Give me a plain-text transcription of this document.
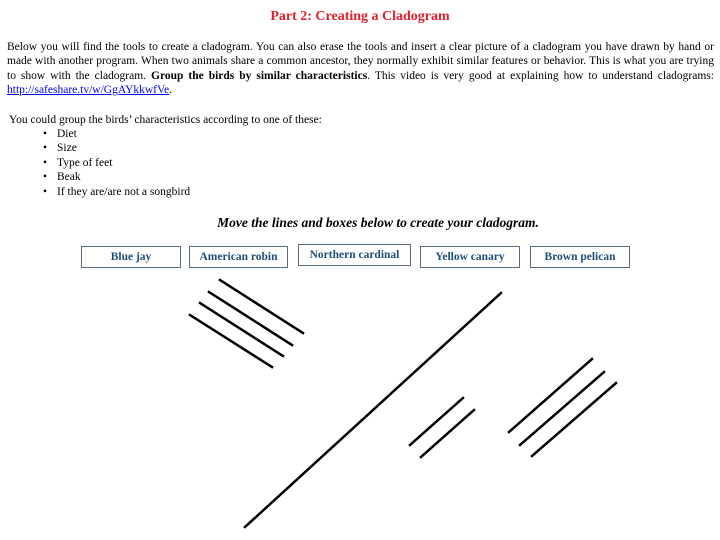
Part 2: Creating a Cladogram

Below you will find the tools to create a cladogram. You can also erase the tools and insert a clear picture of a cladogram you have drawn by hand or made with another program. When two animals share a common ancestor, they normally exhibit similar features or behavior. This is what you are trying to show with the cladogram. Group the birds by similar characteristics. This video is very good at explaining how to understand cladograms: http://safeshare.tv/w/GgAYkkwfVe.

You could group the birds’ characteristics according to one of these:

• Diet
• Size
• Type of feet
• Beak
• If they are/are not a songbird

Move the lines and boxes below to create your cladogram.

Blue jay	American robin	Northern cardinal	Yellow canary	Brown pelican
